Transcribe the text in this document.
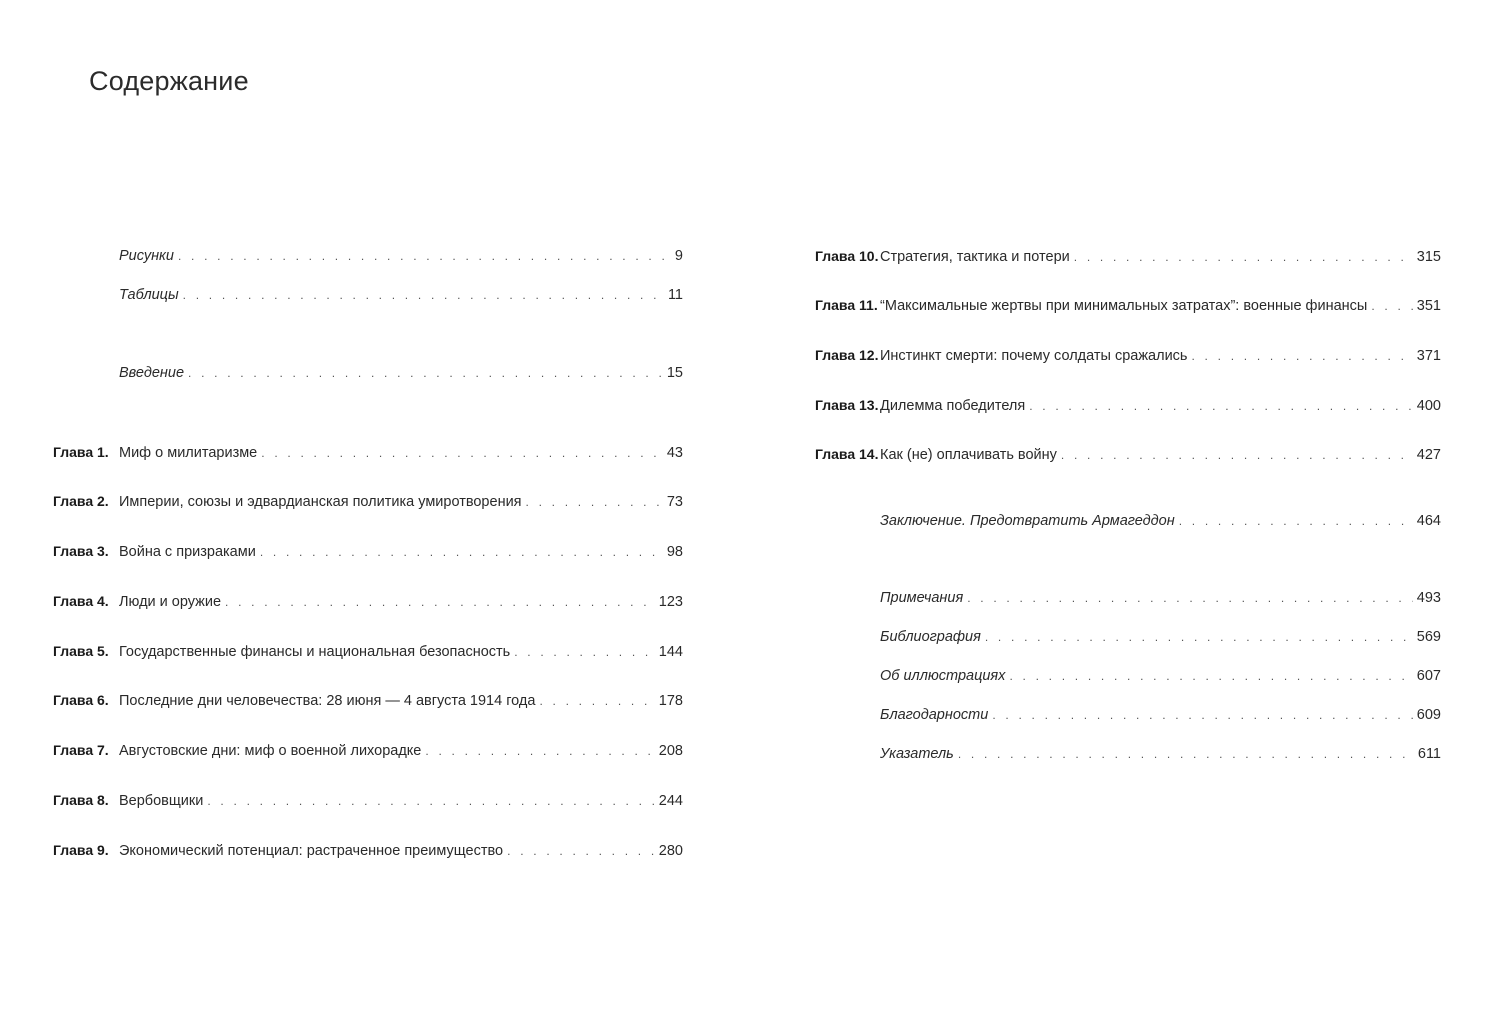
Содержание
Рисунки . . .	9
Таблицы . . .	11
Введение . . .	15
Глава 1. Миф о милитаризме . . .	43
Глава 2. Империи, союзы и эдвардианская политика умиротворения . . .	73
Глава 3. Война с призраками . . .	98
Глава 4. Люди и оружие . . .	123
Глава 5. Государственные финансы и национальная безопасность . . .	144
Глава 6. Последние дни человечества: 28 июня — 4 августа 1914 года . . .	178
Глава 7. Августовские дни: миф о военной лихорадке . . .	208
Глава 8. Вербовщики . . .	244
Глава 9. Экономический потенциал: растраченное преимущество . . .	280
Глава 10. Стратегия, тактика и потери . . .	315
Глава 11. “Максимальные жертвы при минимальных затратах”: военные финансы . . .	351
Глава 12. Инстинкт смерти: почему солдаты сражались . . .	371
Глава 13. Дилемма победителя . . .	400
Глава 14. Как (не) оплачивать войну . . .	427
Заключение. Предотвратить Армагеддон . . .	464
Примечания . . .	493
Библиография . . .	569
Об иллюстрациях . . .	607
Благодарности . . .	609
Указатель . . .	611
